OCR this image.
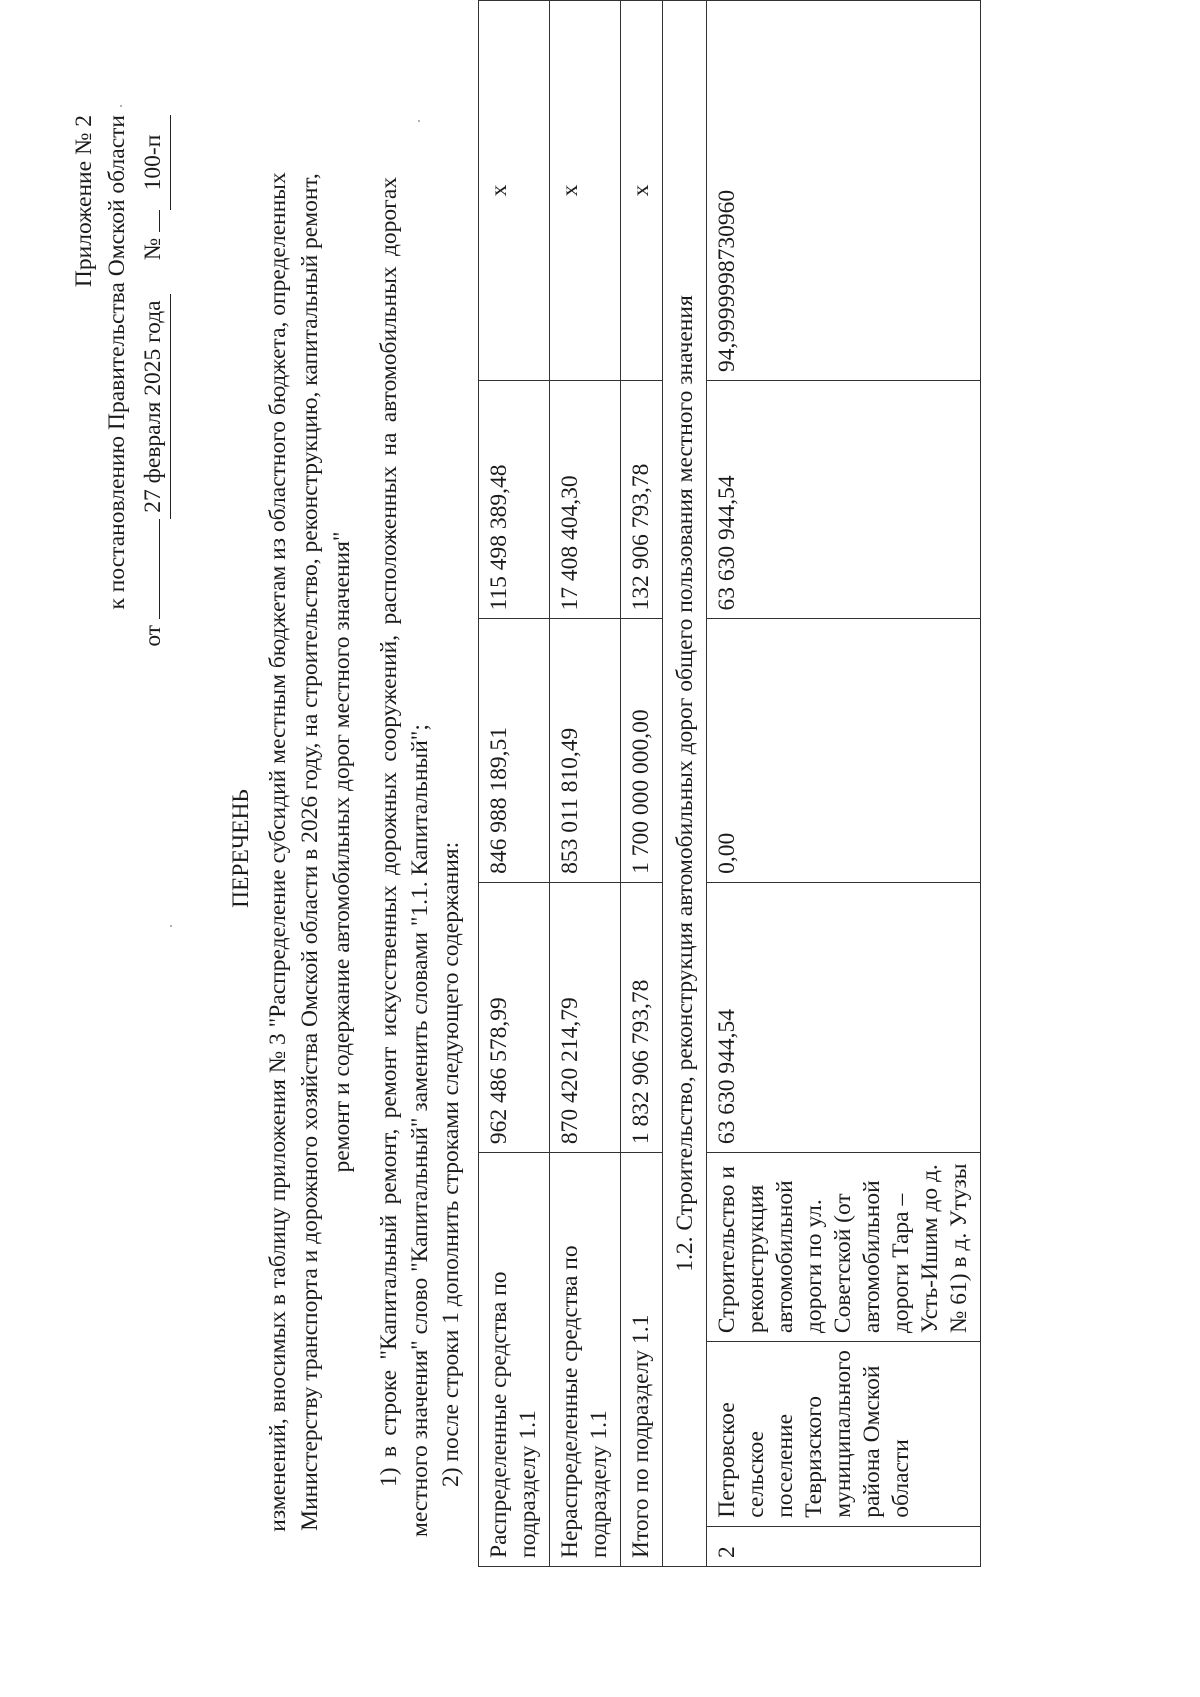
Приложение № 2 к постановлению Правительства Омской области
от 27 февраля 2025 года  № 100-п
ПЕРЕЧЕНЬ изменений, вносимых в таблицу приложения № 3 "Распределение субсидий местным бюджетам из областного бюджета, определенных Министерству транспорта и дорожного хозяйства Омской области в 2026 году, на строительство, реконструкцию, капитальный ремонт, ремонт и содержание автомобильных дорог местного значения" 1) в строке "Капитальный ремонт, ремонт искусственных дорожных сооружений, расположенных на автомобильных дорогах местного значения" слово "Капитальный" заменить словами "1.1. Капитальный"; 2) после строки 1 дополнить строками следующего содержания: Распределенные средства по подразделу 1.1			962 486 578,99	846 988 189,51	115 498 389,48	х
Нераспределенные средства по подразделу 1.1			870 420 214,79	853 011 810,49	17 408 404,30	х
Итого по подразделу 1.1			1 832 906 793,78	1 700 000 000,00	132 906 793,78	х
1.2. Строительство, реконструкция автомобильных дорог общего пользования местного значения						
2	Петровское сельское поселение Тевризского муниципального района Омской области	Строительство и реконструкция автомобильной дороги по ул. Советской (от автомобильной дороги Тара – Усть-Ишим до д. № 61) в д. Утузы	63 630 944,54	0,00	63 630 944,54	94,9999998730960
